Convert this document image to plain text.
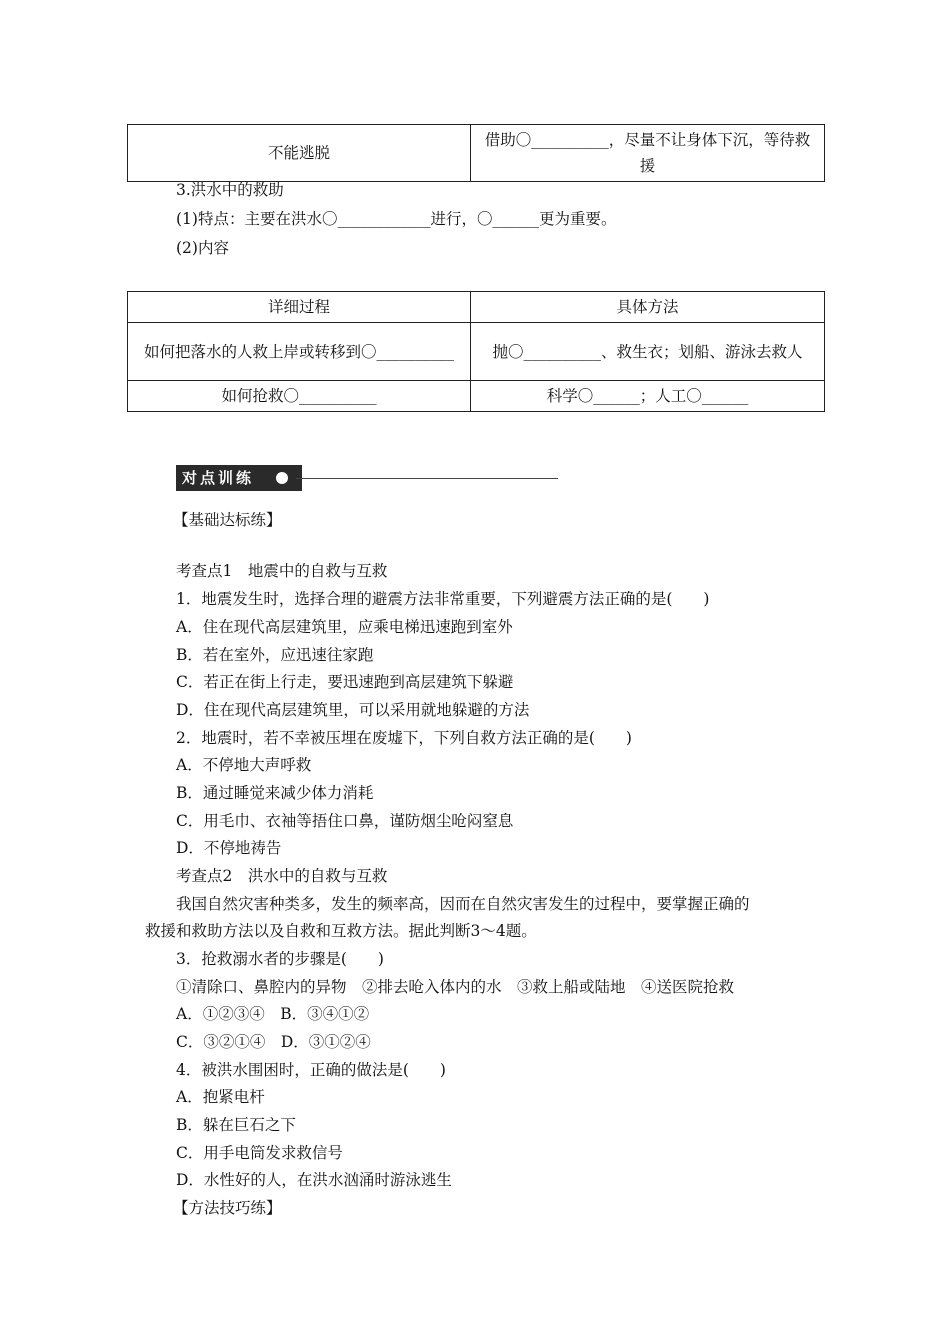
不能逃脱	借助〇__________，尽量不让身体下沉，等待救援
3.洪水中的救助
(1)特点：主要在洪水〇____________进行，〇______更为重要。
(2)内容
详细过程	具体方法
如何把落水的人救上岸或转移到〇__________	抛〇__________、救生衣；划船、游泳去救人
如何抢救〇__________	科学〇______；人工〇______
对点训练
【基础达标练】
考查点1　地震中的自救与互救
1．地震发生时，选择合理的避震方法非常重要，下列避震方法正确的是(　　)
A．住在现代高层建筑里，应乘电梯迅速跑到室外
B．若在室外，应迅速往家跑
C．若正在街上行走，要迅速跑到高层建筑下躲避
D．住在现代高层建筑里，可以采用就地躲避的方法
2．地震时，若不幸被压埋在废墟下，下列自救方法正确的是(　　)
A．不停地大声呼救
B．通过睡觉来减少体力消耗
C．用毛巾、衣袖等捂住口鼻，谨防烟尘呛闷窒息
D．不停地祷告
考查点2　洪水中的自救与互救
我国自然灾害种类多，发生的频率高，因而在自然灾害发生的过程中，要掌握正确的
救援和救助方法以及自救和互救方法。据此判断3～4题。
3．抢救溺水者的步骤是(　　)
①清除口、鼻腔内的异物　②排去呛入体内的水　③救上船或陆地　④送医院抢救
A．①②③④　B．③④①②
C．③②①④　D．③①②④
4．被洪水围困时，正确的做法是(　　)
A．抱紧电杆
B．躲在巨石之下
C．用手电筒发求救信号
D．水性好的人，在洪水汹涌时游泳逃生
【方法技巧练】
